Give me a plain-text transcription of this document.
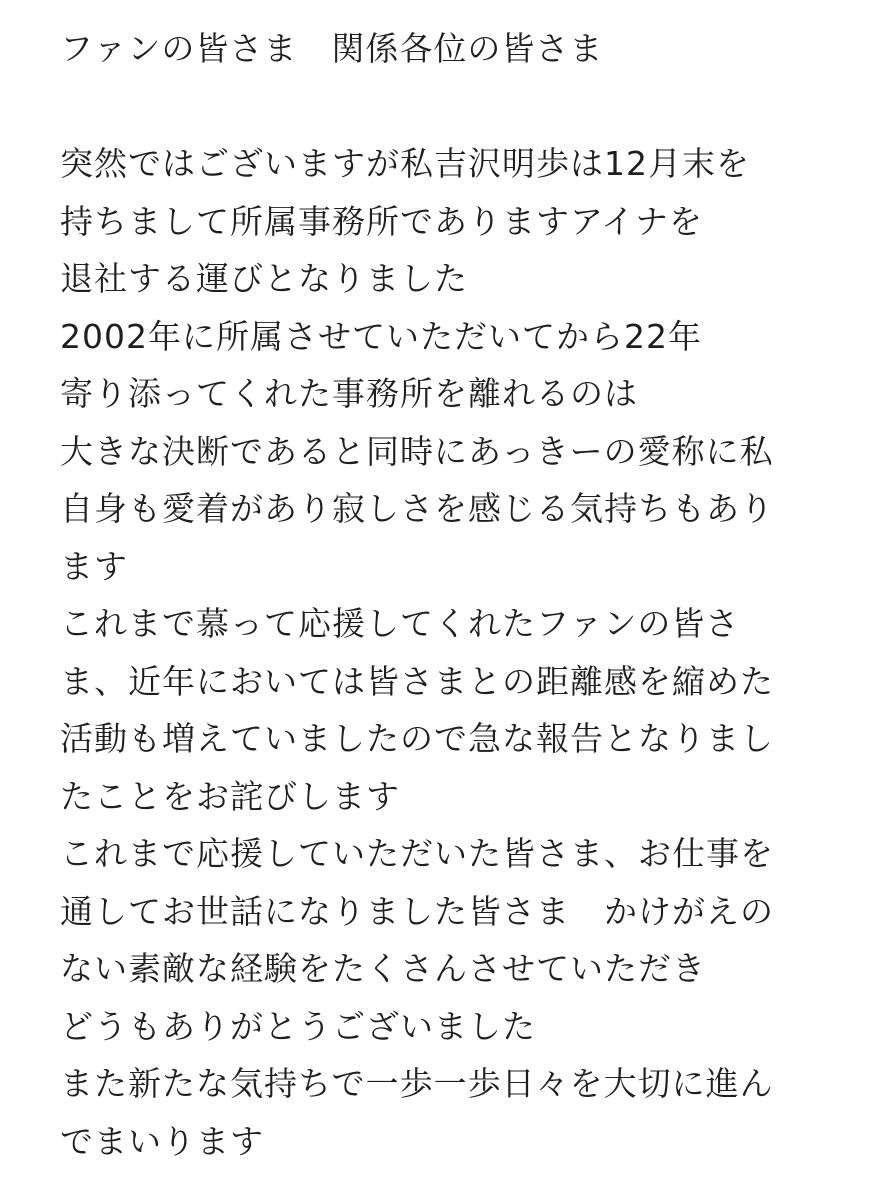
ファンの皆さま　関係各位の皆さま
突然ではございますが私吉沢明歩は12月末を
持ちまして所属事務所でありますアイナを
退社する運びとなりました
2002年に所属させていただいてから22年
寄り添ってくれた事務所を離れるのは
大きな決断であると同時にあっきーの愛称に私
自身も愛着があり寂しさを感じる気持ちもあり
ます
これまで慕って応援してくれたファンの皆さ
ま、近年においては皆さまとの距離感を縮めた
活動も増えていましたので急な報告となりまし
たことをお詫びします
これまで応援していただいた皆さま、お仕事を
通してお世話になりました皆さま　かけがえの
ない素敵な経験をたくさんさせていただき
どうもありがとうございました
また新たな気持ちで一歩一歩日々を大切に進ん
でまいります
